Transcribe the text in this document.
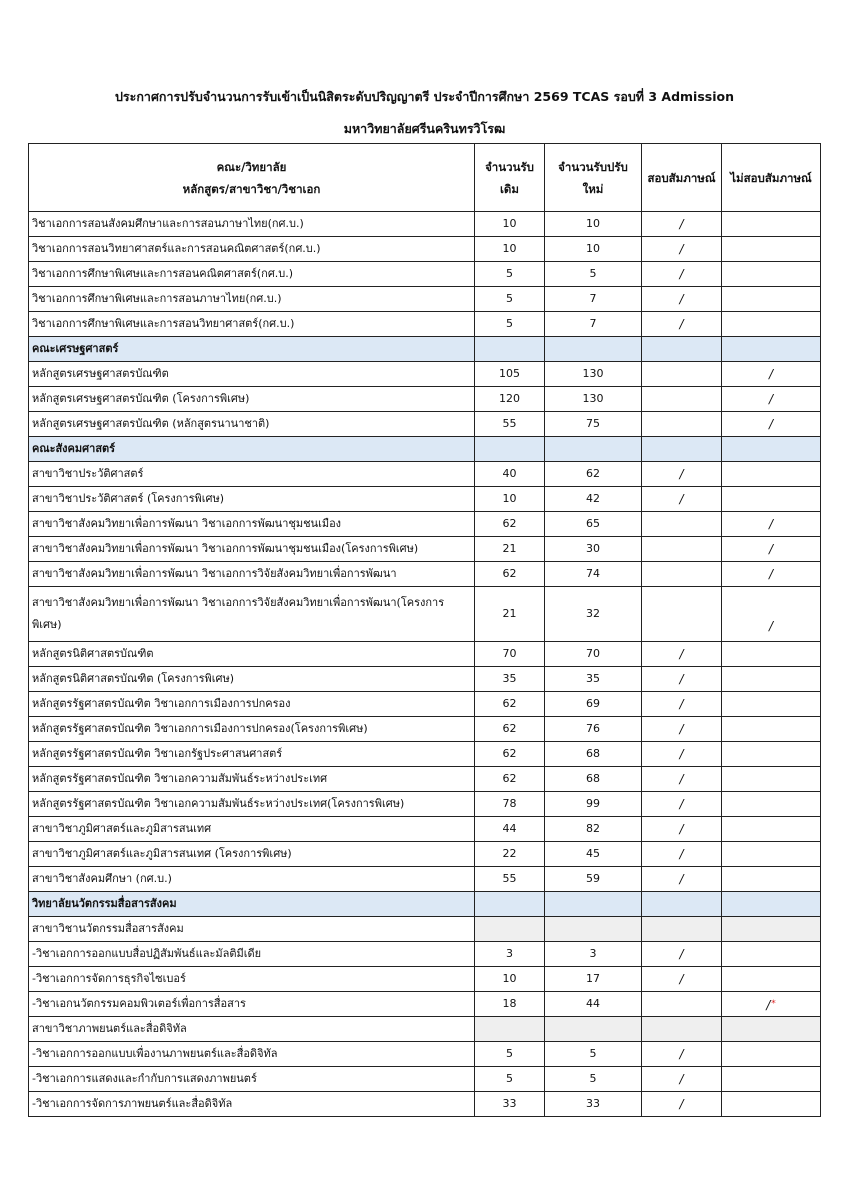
ประกาศการปรับจำนวนการรับเข้าเป็นนิสิตระดับปริญญาตรี ประจำปีการศึกษา 2569 TCAS รอบที่ 3 Admission
มหาวิทยาลัยศรีนครินทรวิโรฒ
คณะ/วิทยาลัย
หลักสูตร/สาขาวิชา/วิชาเอก	จำนวนรับเดิม	จำนวนรับปรับใหม่	สอบสัมภาษณ์	ไม่สอบสัมภาษณ์
วิชาเอกการสอนสังคมศึกษาและการสอนภาษาไทย(กศ.บ.)	10	10	/	
วิชาเอกการสอนวิทยาศาสตร์และการสอนคณิตศาสตร์(กศ.บ.)	10	10	/	
วิชาเอกการศึกษาพิเศษและการสอนคณิตศาสตร์(กศ.บ.)	5	5	/	
วิชาเอกการศึกษาพิเศษและการสอนภาษาไทย(กศ.บ.)	5	7	/	
วิชาเอกการศึกษาพิเศษและการสอนวิทยาศาสตร์(กศ.บ.)	5	7	/	
คณะเศรษฐศาสตร์				
หลักสูตรเศรษฐศาสตรบัณฑิต	105	130		/
หลักสูตรเศรษฐศาสตรบัณฑิต (โครงการพิเศษ)	120	130		/
หลักสูตรเศรษฐศาสตรบัณฑิต (หลักสูตรนานาชาติ)	55	75		/
คณะสังคมศาสตร์				
สาขาวิชาประวัติศาสตร์	40	62	/	
สาขาวิชาประวัติศาสตร์ (โครงการพิเศษ)	10	42	/	
สาขาวิชาสังคมวิทยาเพื่อการพัฒนา วิชาเอกการพัฒนาชุมชนเมือง	62	65		/
สาขาวิชาสังคมวิทยาเพื่อการพัฒนา วิชาเอกการพัฒนาชุมชนเมือง(โครงการพิเศษ)	21	30		/
สาขาวิชาสังคมวิทยาเพื่อการพัฒนา วิชาเอกการวิจัยสังคมวิทยาเพื่อการพัฒนา	62	74		/
สาขาวิชาสังคมวิทยาเพื่อการพัฒนา วิชาเอกการวิจัยสังคมวิทยาเพื่อการพัฒนา(โครงการพิเศษ)	21	32		/
หลักสูตรนิติศาสตรบัณฑิต	70	70	/	
หลักสูตรนิติศาสตรบัณฑิต (โครงการพิเศษ)	35	35	/	
หลักสูตรรัฐศาสตรบัณฑิต วิชาเอกการเมืองการปกครอง	62	69	/	
หลักสูตรรัฐศาสตรบัณฑิต วิชาเอกการเมืองการปกครอง(โครงการพิเศษ)	62	76	/	
หลักสูตรรัฐศาสตรบัณฑิต วิชาเอกรัฐประศาสนศาสตร์	62	68	/	
หลักสูตรรัฐศาสตรบัณฑิต วิชาเอกความสัมพันธ์ระหว่างประเทศ	62	68	/	
หลักสูตรรัฐศาสตรบัณฑิต วิชาเอกความสัมพันธ์ระหว่างประเทศ(โครงการพิเศษ)	78	99	/	
สาขาวิชาภูมิศาสตร์และภูมิสารสนเทศ	44	82	/	
สาขาวิชาภูมิศาสตร์และภูมิสารสนเทศ (โครงการพิเศษ)	22	45	/	
สาขาวิชาสังคมศึกษา (กศ.บ.)	55	59	/	
วิทยาลัยนวัตกรรมสื่อสารสังคม				
สาขาวิชานวัตกรรมสื่อสารสังคม				
-วิชาเอกการออกแบบสื่อปฏิสัมพันธ์และมัลติมีเดีย	3	3	/	
-วิชาเอกการจัดการธุรกิจไซเบอร์	10	17	/	
-วิชาเอกนวัตกรรมคอมพิวเตอร์เพื่อการสื่อสาร	18	44		/*
สาขาวิชาภาพยนตร์และสื่อดิจิทัล				
-วิชาเอกการออกแบบเพื่องานภาพยนตร์และสื่อดิจิทัล	5	5	/	
-วิชาเอกการแสดงและกำกับการแสดงภาพยนตร์	5	5	/	
-วิชาเอกการจัดการภาพยนตร์และสื่อดิจิทัล	33	33	/	
